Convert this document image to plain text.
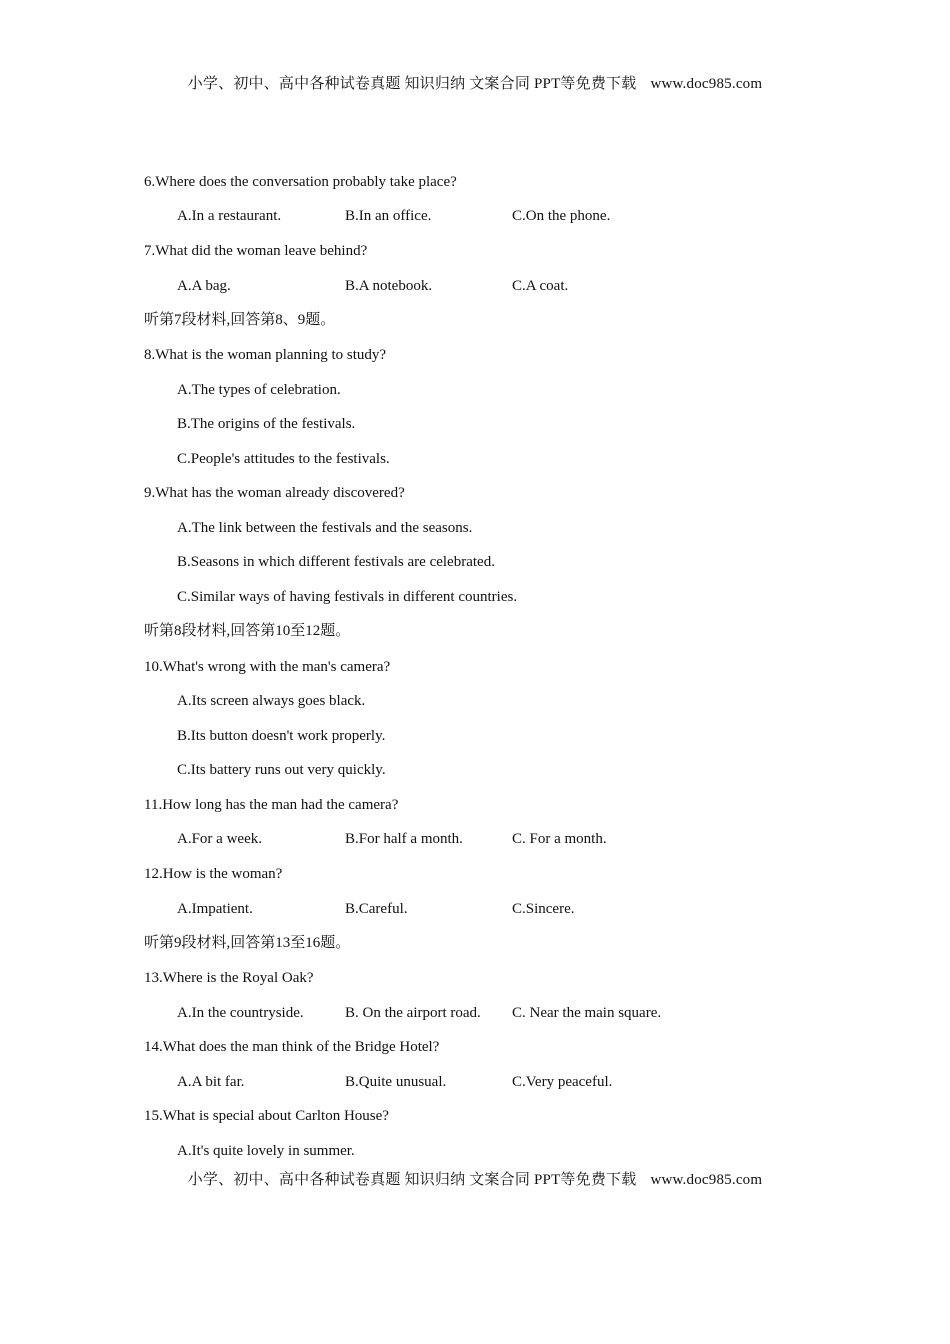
小学、初中、高中各种试卷真题 知识归纳 文案合同 PPT等免费下载 www.doc985.com
6.Where does the conversation probably take place?
A.In a restaurant.	B.In an office.	C.On the phone.
7.What did the woman leave behind?
A.A bag.	B.A notebook.	C.A coat.
听第7段材料,回答第8、9题。
8.What is the woman planning to study?
A.The types of celebration.
B.The origins of the festivals.
C.People's attitudes to the festivals.
9.What has the woman already discovered?
A.The link between the festivals and the seasons.
B.Seasons in which different festivals are celebrated.
C.Similar ways of having festivals in different countries.
听第8段材料,回答第10至12题。
10.What's wrong with the man's camera?
A.Its screen always goes black.
B.Its button doesn't work properly.
C.Its battery runs out very quickly.
11.How long has the man had the camera?
A.For a week.	B.For half a month.	C. For a month.
12.How is the woman?
A.Impatient.	B.Careful.	C.Sincere.
听第9段材料,回答第13至16题。
13.Where is the Royal Oak?
A.In the countryside.	B. On the airport road. C. Near the main square.
14.What does the man think of the Bridge Hotel?
A.A bit far.	B.Quite unusual.	C.Very peaceful.
15.What is special about Carlton House?
A.It's quite lovely in summer.
小学、初中、高中各种试卷真题 知识归纳 文案合同 PPT等免费下载 www.doc985.com
